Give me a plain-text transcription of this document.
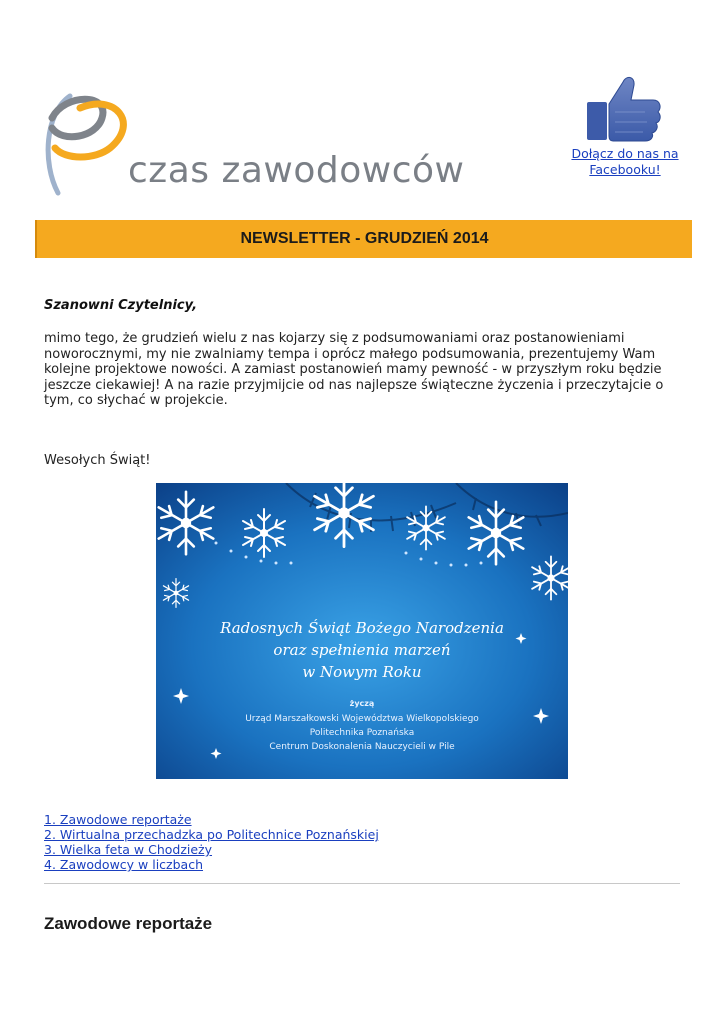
czas zawodowców	Dołącz do nas na Facebooku!
NEWSLETTER - GRUDZIEŃ 2014
Szanowni Czytelnicy,
mimo tego, że grudzień wielu z nas kojarzy się z podsumowaniami oraz postanowieniami noworocznymi, my nie zwalniamy tempa i oprócz małego podsumowania, prezentujemy Wam kolejne projektowe nowości. A zamiast postanowień mamy pewność - w przyszłym roku będzie jeszcze ciekawiej! A na razie przyjmijcie od nas najlepsze świąteczne życzenia i przeczytajcie o tym, co słychać w projekcie.
Wesołych Świąt!
Radosnych Świąt Bożego Narodzenia
oraz spełnienia marzeń
w Nowym Roku
życzą
Urząd Marszałkowski Województwa Wielkopolskiego
Politechnika Poznańska
Centrum Doskonalenia Nauczycieli w Pile
1. Zawodowe reportaże
2. Wirtualna przechadzka po Politechnice Poznańskiej
3. Wielka feta w Chodzieży
4. Zawodowcy w liczbach
Zawodowe reportaże
